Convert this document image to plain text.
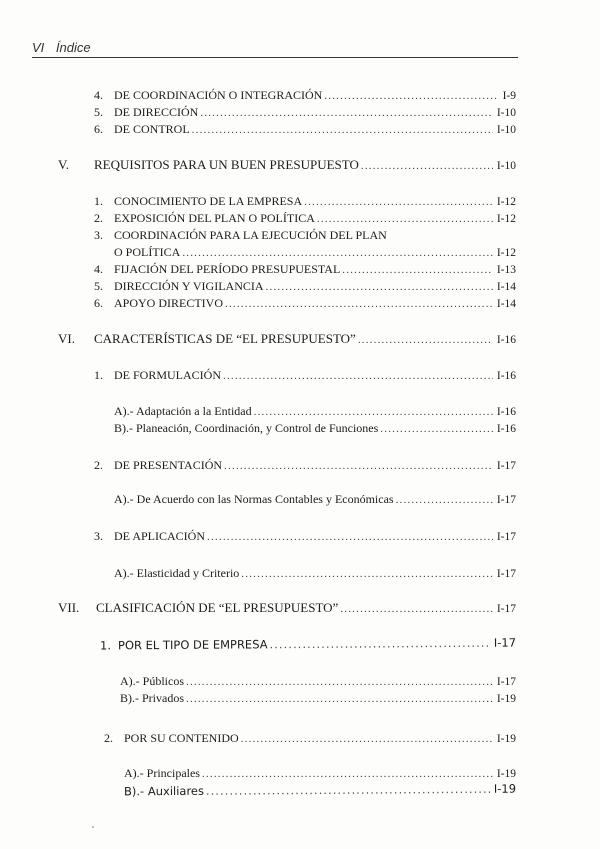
VI Índice
4. DE COORDINACIÓN O INTEGRACIÓN .....	I-9
5. DE DIRECCIÓN .....	I-10
6. DE CONTROL .....	I-10
V.	REQUISITOS PARA UN BUEN PRESUPUESTO .....	I-10
1. CONOCIMIENTO DE LA EMPRESA .....	I-12
2. EXPOSICIÓN DEL PLAN O POLÍTICA .....	I-12
3. COORDINACIÓN PARA LA EJECUCIÓN DEL PLAN
O POLÍTICA .....	I-12
4. FIJACIÓN DEL PERÍODO PRESUPUESTAL .....	I-13
5. DIRECCIÓN Y VIGILANCIA .....	I-14
6. APOYO DIRECTIVO .....	I-14
VI.	CARACTERÍSTICAS DE “EL PRESUPUESTO” .....	I-16
1. DE FORMULACIÓN .....	I-16
A).- Adaptación a la Entidad .....	I-16
B).- Planeación, Coordinación, y Control de Funciones .....	I-16
2. DE PRESENTACIÓN .....	I-17
A).- De Acuerdo con las Normas Contables y Económicas .....	I-17
3. DE APLICACIÓN .....	I-17
A).- Elasticidad y Criterio .....	I-17
VII.	CLASIFICACIÓN DE “EL PRESUPUESTO” .....	I-17
1. POR EL TIPO DE EMPRESA .....	I-17
A).- Públicos .....	I-17
B).- Privados .....	I-19
2. POR SU CONTENIDO .....	I-19
A).- Principales .....	I-19
B).- Auxiliares .....	I-19
